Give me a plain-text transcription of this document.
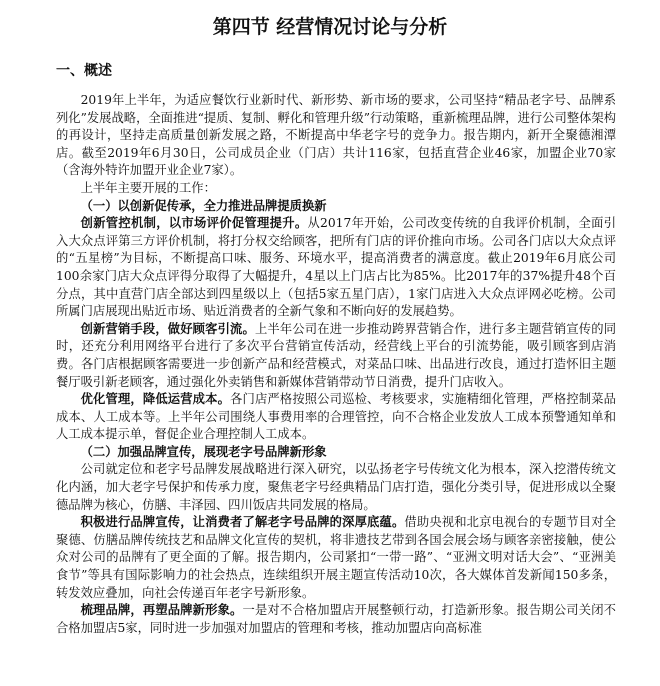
第四节 经营情况讨论与分析
一、概述

2019年上半年，为适应餐饮行业新时代、新形势、新市场的要求，公司坚持“精品老字号、品牌系列化”发展战略，全面推进“提质、复制、孵化和管理升级”行动策略，重新梳理品牌，进行公司整体架构的再设计，坚持走高质量创新发展之路，不断提高中华老字号的竞争力。报告期内，新开全聚德湘潭店。截至2019年6月30日，公司成员企业（门店）共计116家，包括直营企业46家，加盟企业70家（含海外特许加盟开业企业7家）。

上半年主要开展的工作：

（一）以创新促传承，全力推进品牌提质换新

创新管控机制，以市场评价促管理提升。从2017年开始，公司改变传统的自我评价机制，全面引入大众点评第三方评价机制，将打分权交给顾客，把所有门店的评价推向市场。公司各门店以大众点评的“五星榜”为目标，不断提高口味、服务、环境水平，提高消费者的满意度。截止2019年6月底公司100余家门店大众点评得分取得了大幅提升，4星以上门店占比为85%。比2017年的37%提升48个百分点，其中直营门店全部达到四星级以上（包括5家五星门店），1家门店进入大众点评网必吃榜。公司所属门店展现出贴近市场、贴近消费者的全新气象和不断向好的发展趋势。

创新营销手段，做好顾客引流。上半年公司在进一步推动跨界营销合作，进行多主题营销宣传的同时，还充分利用网络平台进行了多次平台营销宣传活动，经营线上平台的引流势能，吸引顾客到店消费。各门店根据顾客需要进一步创新产品和经营模式，对菜品口味、出品进行改良，通过打造怀旧主题餐厅吸引新老顾客，通过强化外卖销售和新媒体营销带动节日消费，提升门店收入。

优化管理，降低运营成本。各门店严格按照公司巡检、考核要求，实施精细化管理，严格控制菜品成本、人工成本等。上半年公司围绕人事费用率的合理管控，向不合格企业发放人工成本预警通知单和人工成本提示单，督促企业合理控制人工成本。

（二）加强品牌宣传，展现老字号品牌新形象

公司就定位和老字号品牌发展战略进行深入研究，以弘扬老字号传统文化为根本，深入挖潜传统文化内涵，加大老字号保护和传承力度，聚焦老字号经典精品门店打造，强化分类引导，促进形成以全聚德品牌为核心，仿膳、丰泽园、四川饭店共同发展的格局。

积极进行品牌宣传，让消费者了解老字号品牌的深厚底蕴。借助央视和北京电视台的专题节目对全聚德、仿膳品牌传统技艺和品牌文化宣传的契机，将非遗技艺带到各国会展会场与顾客亲密接触，使公众对公司的品牌有了更全面的了解。报告期内，公司紧扣“一带一路”、“亚洲文明对话大会”、“亚洲美食节”等具有国际影响力的社会热点，连续组织开展主题宣传活动10次，各大媒体首发新闻150多条，转发效应叠加，向社会传递百年老字号新形象。

梳理品牌，再塑品牌新形象。一是对不合格加盟店开展整顿行动，打造新形象。报告期公司关闭不合格加盟店5家，同时进一步加强对加盟店的管理和考核，推动加盟店向高标准
